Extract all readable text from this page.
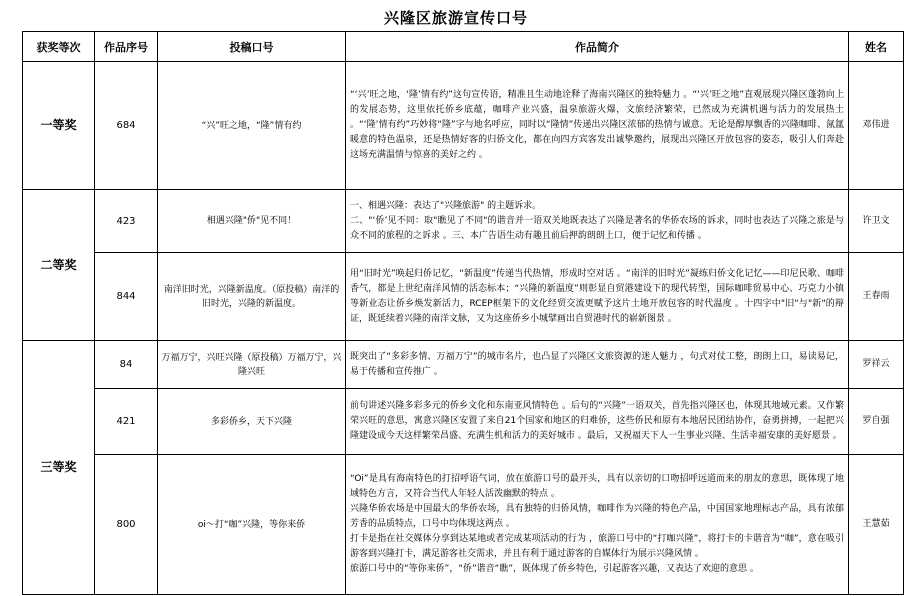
兴隆区旅游宣传口号
获奖等次	作品序号	投稿口号	作品简介	姓名
一等奖	684	“兴”旺之地，“隆”情有约	“‘兴’旺之地，‘隆’情有约”这句宣传语，精准且生动地诠释了海南兴隆区的独特魅力 。“‘兴’旺之地”直观展现兴隆区蓬勃向上的发展态势，这里依托侨乡底蕴，咖啡产业兴盛，温泉旅游火爆，文旅经济繁荣，已然成为充满机遇与活力的发展热土 。“‘隆’情有约”巧妙将“隆”字与地名呼应，同时以“隆情”传递出兴隆区浓郁的热情与诚意。无论是醇厚飘香的兴隆咖啡、氤氲暖意的特色温泉，还是热情好客的归侨文化，都在向四方宾客发出诚挚邀约，展现出兴隆区开放包容的姿态，吸引人们奔赴这场充满温情与惊喜的美好之约 。	邓伟进
二等奖	423	相遇兴隆"侨"见不同！	一、相遇兴隆：表达了"兴隆旅游" 的主题诉求。
二、"‘侨’见不同：取"瞧见了不同"的谐音并一语双关地既表达了兴隆是著名的华侨农场的诉求，同时也表达了兴隆之旅是与众不同的旅程的之诉求 。三、本广告语生动有趣且前后押韵朗朗上口，便于记忆和传播 。	许卫文
	844	南洋旧时光，兴隆新温度。（原投稿）南洋的旧时光，兴隆的新温度。	用“旧时光”唤起归侨记忆，“新温度”传递当代热情，形成时空对话 。“南洋的旧时光”凝练归侨文化记忆——印尼民歌、咖啡香气，都是上世纪南洋风情的活态标本；“兴隆的新温度”则彰显自贸港建设下的现代转型，国际咖啡贸易中心、巧克力小镇等新业态让侨乡焕发新活力，RCEP框架下的文化经贸交流更赋予这片土地开放包容的时代温度 。十四字中"旧"与"新"的辩证，既延续着兴隆的南洋文脉，又为这座侨乡小城擘画出自贸港时代的崭新图景 。	王春雨
三等奖	84	万福万宁，兴旺兴隆（原投稿）万福万宁，兴隆兴旺	既突出了“多彩多情、万福万宁”的城市名片，也凸显了兴隆区文旅资源的迷人魅力 ，句式对仗工整，朗朗上口，易读易记，易于传播和宣传推广 。	罗祥云
	421	多彩侨乡，天下兴隆	前句讲述兴隆多彩多元的侨乡文化和东南亚风情特色 。后句的“兴隆”一语双关，首先指兴隆区也，体现其地域元素。又作繁荣兴旺的意思，寓意兴隆区安置了来自21个国家和地区的归难侨，这些侨民和原有本地居民团结协作，奋勇拼搏，一起把兴隆建设成今天这样繁荣昌盛、充满生机和活力的美好城市 。最后，又祝福天下人一生事业兴隆、生活幸福安康的美好愿景 。	罗自强
	800	oi～打“咖”兴隆，等你来侨	“Oi”是具有海南特色的打招呼语气词，放在旅游口号的最开头，具有以亲切的口吻招呼远道而来的朋友的意思，既体现了地域特色方言，又符合当代人年轻人活泼幽默的特点 。
兴隆华侨农场是中国最大的华侨农场，具有独特的归侨风情，咖啡作为兴隆的特色产品，中国国家地理标志产品，具有浓郁芳香的品质特点，口号中均体现这两点 。
打卡是指在社交媒体分享到达某地或者完成某项活动的行为 ，旅游口号中的“打咖兴隆”，将打卡的卡谐音为“咖”，意在吸引游客到兴隆打卡，满足游客社交需求，并且有利于通过游客的自媒体行为展示兴隆风情 。
旅游口号中的“等你来侨”，“侨”谐音“瞧”，既体现了侨乡特色，引起游客兴趣，又表达了欢迎的意思 。	王慧茹
